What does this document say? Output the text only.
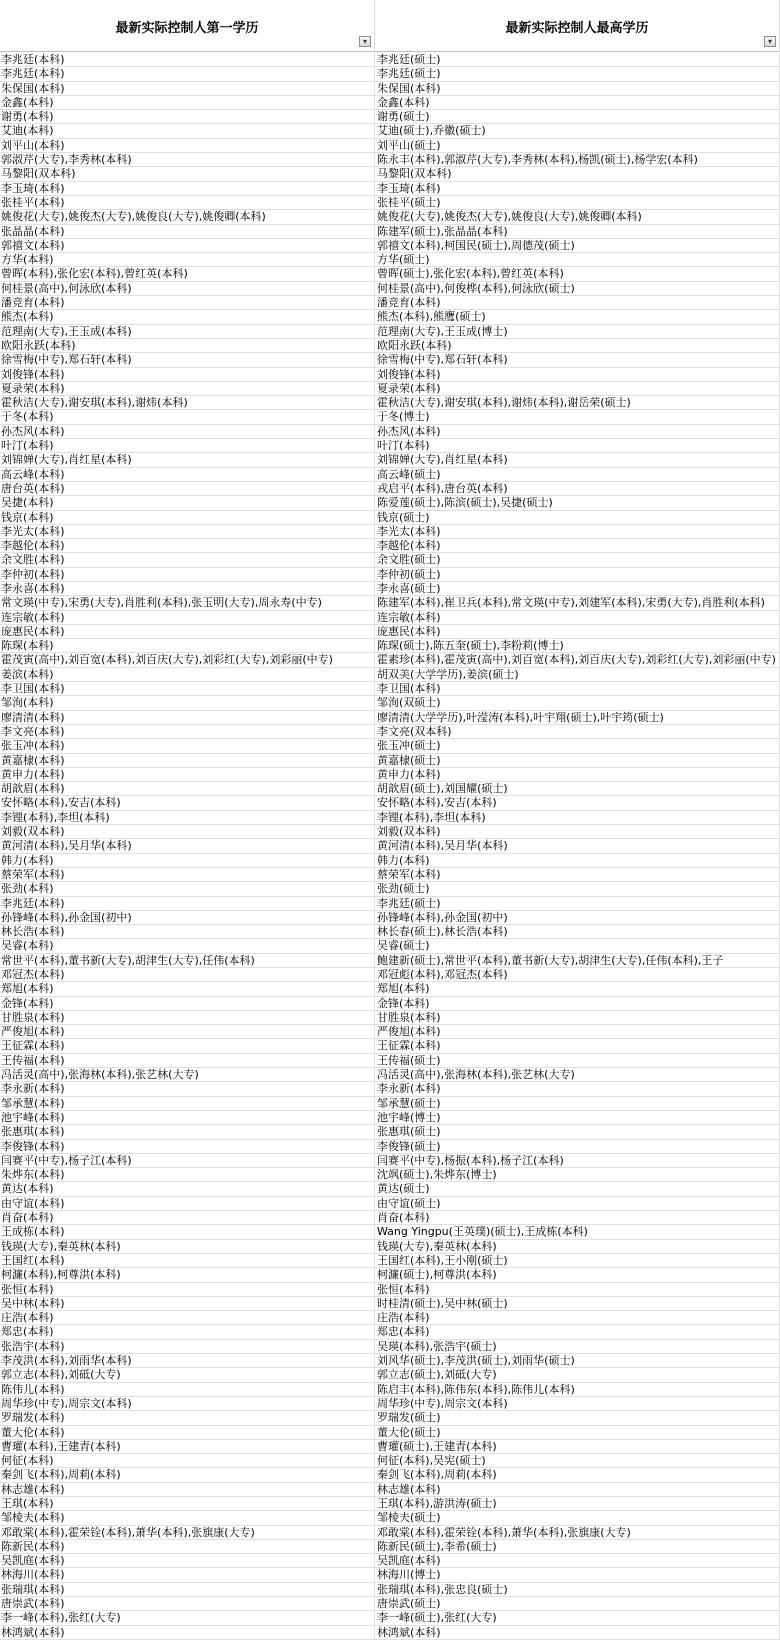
最新实际控制人第一学历
▾
最新实际控制人最高学历
▾
李兆廷(本科)	李兆廷(硕士)
李兆廷(本科)	李兆廷(硕士)
朱保国(本科)	朱保国(本科)
金鑫(本科)	金鑫(本科)
谢勇(本科)	谢勇(硕士)
艾迪(本科)	艾迪(硕士),乔徽(硕士)
刘平山(本科)	刘平山(硕士)
郭淑芹(大专),李秀林(本科)	陈永丰(本科),郭淑芹(大专),李秀林(本科),杨凯(硕士),杨学宏(本科)
马黎阳(双本科)	马黎阳(双本科)
李玉琦(本科)	李玉琦(本科)
张桂平(本科)	张桂平(硕士)
姚俊花(大专),姚俊杰(大专),姚俊良(大专),姚俊卿(本科)	姚俊花(大专),姚俊杰(大专),姚俊良(大专),姚俊卿(本科)
张晶晶(本科)	陈建军(硕士),张晶晶(本科)
郭禧文(本科)	郭禧文(本科),柯国民(硕士),周德茂(硕士)
方华(本科)	方华(硕士)
曾晖(本科),张化宏(本科),曾红英(本科)	曾晖(硕士),张化宏(本科),曾红英(本科)
何桂景(高中),何泳欣(本科)	何桂景(高中),何俊桦(本科),何泳欣(硕士)
潘竞育(本科)	潘竞育(本科)
熊杰(本科)	熊杰(本科),熊鹰(硕士)
范理南(大专),王玉成(本科)	范理南(大专),王玉成(博士)
欧阳永跃(本科)	欧阳永跃(本科)
徐雪梅(中专),郑石轩(本科)	徐雪梅(中专),郑石轩(本科)
刘俊锋(本科)	刘俊锋(本科)
夏录荣(本科)	夏录荣(本科)
霍秋洁(大专),谢安琪(本科),谢炜(本科)	霍秋洁(大专),谢安琪(本科),谢炜(本科),谢岳荣(硕士)
于冬(本科)	于冬(博士)
孙杰风(本科)	孙杰风(本科)
叶汀(本科)	叶汀(本科)
刘锦婵(大专),肖红星(本科)	刘锦婵(大专),肖红星(本科)
高云峰(本科)	高云峰(硕士)
唐台英(本科)	戎启平(本科),唐台英(本科)
吴捷(本科)	陈爱莲(硕士),陈滨(硕士),吴捷(硕士)
钱京(本科)	钱京(硕士)
李光太(本科)	李光太(本科)
李越伦(本科)	李越伦(本科)
余文胜(本科)	余文胜(硕士)
李仲初(本科)	李仲初(硕士)
李永喜(本科)	李永喜(硕士)
常文瑛(中专),宋勇(大专),肖胜利(本科),张玉明(大专),周永寿(中专)	陈建军(本科),崔卫兵(本科),常文瑛(中专),刘建军(本科),宋勇(大专),肖胜利(本科)
连宗敏(本科)	连宗敏(本科)
庞惠民(本科)	庞惠民(本科)
陈琛(本科)	陈琛(硕士),陈五奎(硕士),李粉莉(博士)
霍茂寅(高中),刘百宽(本科),刘百庆(大专),刘彩红(大专),刘彩丽(中专)	霍素珍(本科),霍茂寅(高中),刘百宽(本科),刘百庆(大专),刘彩红(大专),刘彩丽(中专)
姜滨(本科)	胡双美(大学学历),姜滨(硕士)
李卫国(本科)	李卫国(本科)
邹洵(本科)	邹洵(双硕士)
廖清清(本科)	廖清清(大学学历),叶滢涛(本科),叶宇翔(硕士),叶宇筠(硕士)
李文亮(本科)	李文亮(双本科)
张玉冲(本科)	张玉冲(硕士)
黄嘉棣(本科)	黄嘉棣(硕士)
黄申力(本科)	黄申力(本科)
胡歆眉(本科)	胡歆眉(硕士),刘国耀(硕士)
安怀略(本科),安吉(本科)	安怀略(本科),安吉(本科)
李锂(本科),李坦(本科)	李锂(本科),李坦(本科)
刘毅(双本科)	刘毅(双本科)
黄河清(本科),吴月华(本科)	黄河清(本科),吴月华(本科)
韩力(本科)	韩力(本科)
蔡荣军(本科)	蔡荣军(本科)
张劲(本科)	张劲(硕士)
李兆廷(本科)	李兆廷(硕士)
孙锋峰(本科),孙金国(初中)	孙锋峰(本科),孙金国(初中)
林长浩(本科)	林长春(硕士),林长浩(本科)
吴睿(本科)	吴睿(硕士)
常世平(本科),董书新(大专),胡津生(大专),任伟(本科)	鲍建新(硕士),常世平(本科),董书新(大专),胡津生(大专),任伟(本科),王子
邓冠杰(本科)	邓冠彪(本科),邓冠杰(本科)
郑旭(本科)	郑旭(本科)
金锋(本科)	金锋(本科)
甘胜泉(本科)	甘胜泉(本科)
严俊旭(本科)	严俊旭(本科)
王征霖(本科)	王征霖(本科)
王传福(本科)	王传福(硕士)
冯活灵(高中),张海林(本科),张艺林(大专)	冯活灵(高中),张海林(本科),张艺林(大专)
李永新(本科)	李永新(本科)
邹承慧(本科)	邹承慧(硕士)
池宇峰(本科)	池宇峰(博士)
张惠琪(本科)	张惠琪(硕士)
李俊锋(本科)	李俊锋(硕士)
闫赛平(中专),杨子江(本科)	闫赛平(中专),杨振(本科),杨子江(本科)
朱烨东(本科)	沈飒(硕士),朱烨东(博士)
黄达(本科)	黄达(硕士)
由守谊(本科)	由守谊(硕士)
肖奋(本科)	肖奋(本科)
王成栋(本科)	Wang Yingpu(王英璞)(硕士),王成栋(本科)
钱瑛(大专),秦英林(本科)	钱瑛(大专),秦英林(本科)
王国红(本科)	王国红(本科),王小刚(硕士)
柯濂(本科),柯尊洪(本科)	柯濂(硕士),柯尊洪(本科)
张恒(本科)	张恒(本科)
吴中林(本科)	时桂清(硕士),吴中林(硕士)
庄浩(本科)	庄浩(本科)
郑忠(本科)	郑忠(本科)
张浩宇(本科)	吴瑛(本科),张浩宇(硕士)
李茂洪(本科),刘雨华(本科)	刘风华(硕士),李茂洪(硕士),刘雨华(硕士)
郭立志(本科),刘砥(大专)	郭立志(硕士),刘砥(大专)
陈伟儿(本科)	陈启丰(本科),陈伟东(本科),陈伟儿(本科)
周华珍(中专),周宗文(本科)	周华珍(中专),周宗文(本科)
罗瑞发(本科)	罗瑞发(硕士)
董大伦(本科)	董大伦(硕士)
曹瓘(本科),王建青(本科)	曹瓘(硕士),王建青(本科)
何征(本科)	何征(本科),吴宪(硕士)
秦剑飞(本科),周莉(本科)	秦剑飞(本科),周莉(本科)
林志雄(本科)	林志雄(本科)
王琪(本科)	王琪(本科),游洪涛(硕士)
邹棱夫(本科)	邹棱夫(硕士)
邓敢棠(本科),霍荣铨(本科),萧华(本科),张旗康(大专)	邓敢棠(本科),霍荣铨(本科),萧华(本科),张旗康(大专)
陈新民(本科)	陈新民(硕士),李希(硕士)
吴凯庭(本科)	吴凯庭(本科)
林海川(本科)	林海川(博士)
张瑞琪(本科)	张瑞琪(本科),张忠良(硕士)
唐崇武(本科)	唐崇武(硕士)
李一峰(本科),张红(大专)	李一峰(硕士),张红(大专)
林鸿斌(本科)	林鸿斌(本科)
